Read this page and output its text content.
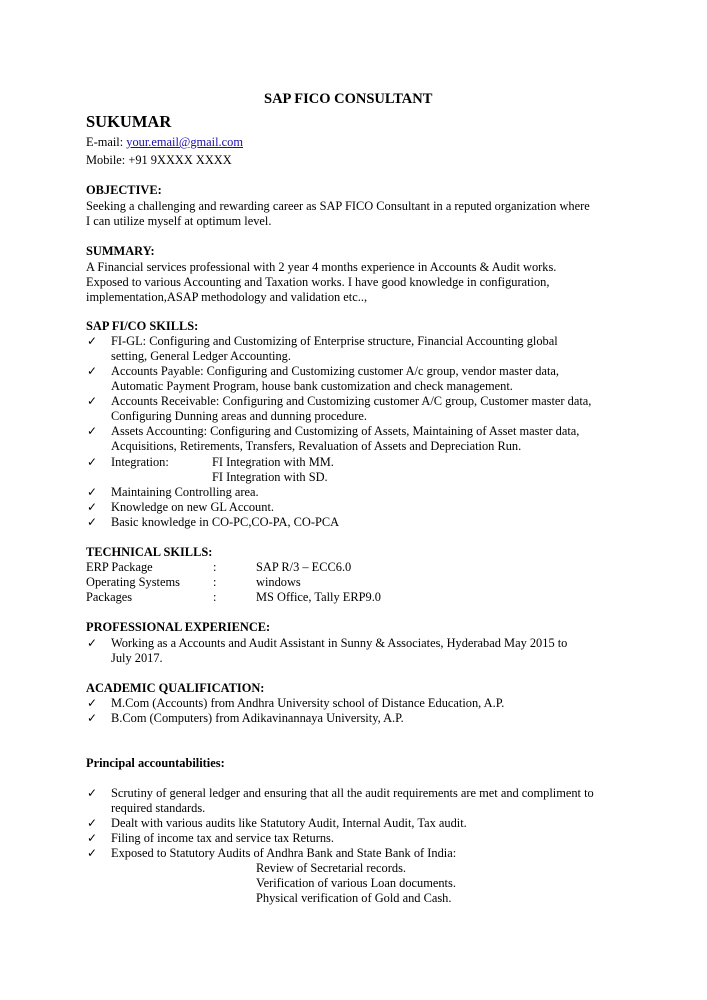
SAP FICO CONSULTANT
SUKUMAR
E-mail: your.email@gmail.com
Mobile: +91 9XXXX XXXX
OBJECTIVE:
Seeking a challenging and rewarding career as SAP FICO Consultant in a reputed organization where
I can utilize myself at optimum level.
SUMMARY:
A Financial services professional with 2 year 4 months experience in Accounts & Audit works.
Exposed to various Accounting and Taxation works. I have good knowledge in configuration,
implementation,ASAP methodology and validation etc..,
SAP FI/CO SKILLS:
✓ FI-GL: Configuring and Customizing of Enterprise structure, Financial Accounting global
setting, General Ledger Accounting.
✓ Accounts Payable: Configuring and Customizing customer A/c group, vendor master data,
Automatic Payment Program, house bank customization and check management.
✓ Accounts Receivable: Configuring and Customizing customer A/C group, Customer master data,
Configuring Dunning areas and dunning procedure.
✓ Assets Accounting: Configuring and Customizing of Assets, Maintaining of Asset master data,
Acquisitions, Retirements, Transfers, Revaluation of Assets and Depreciation Run.
✓ Integration:	FI Integration with MM.
FI Integration with SD.
✓ Maintaining Controlling area.
✓ Knowledge on new GL Account.
✓ Basic knowledge in CO-PC,CO-PA, CO-PCA
TECHNICAL SKILLS:
ERP Package	:	SAP R/3 – ECC6.0
Operating Systems	:	windows
Packages	:	MS Office, Tally ERP9.0
PROFESSIONAL EXPERIENCE:
✓ Working as a Accounts and Audit Assistant in Sunny & Associates, Hyderabad May 2015 to
July 2017.
ACADEMIC QUALIFICATION:
✓ M.Com (Accounts) from Andhra University school of Distance Education, A.P.
✓ B.Com (Computers) from Adikavinannaya University, A.P.
Principal accountabilities:
✓ Scrutiny of general ledger and ensuring that all the audit requirements are met and compliment to
required standards.
✓ Dealt with various audits like Statutory Audit, Internal Audit, Tax audit.
✓ Filing of income tax and service tax Returns.
✓ Exposed to Statutory Audits of Andhra Bank and State Bank of India:
Review of Secretarial records.
Verification of various Loan documents.
Physical verification of Gold and Cash.
